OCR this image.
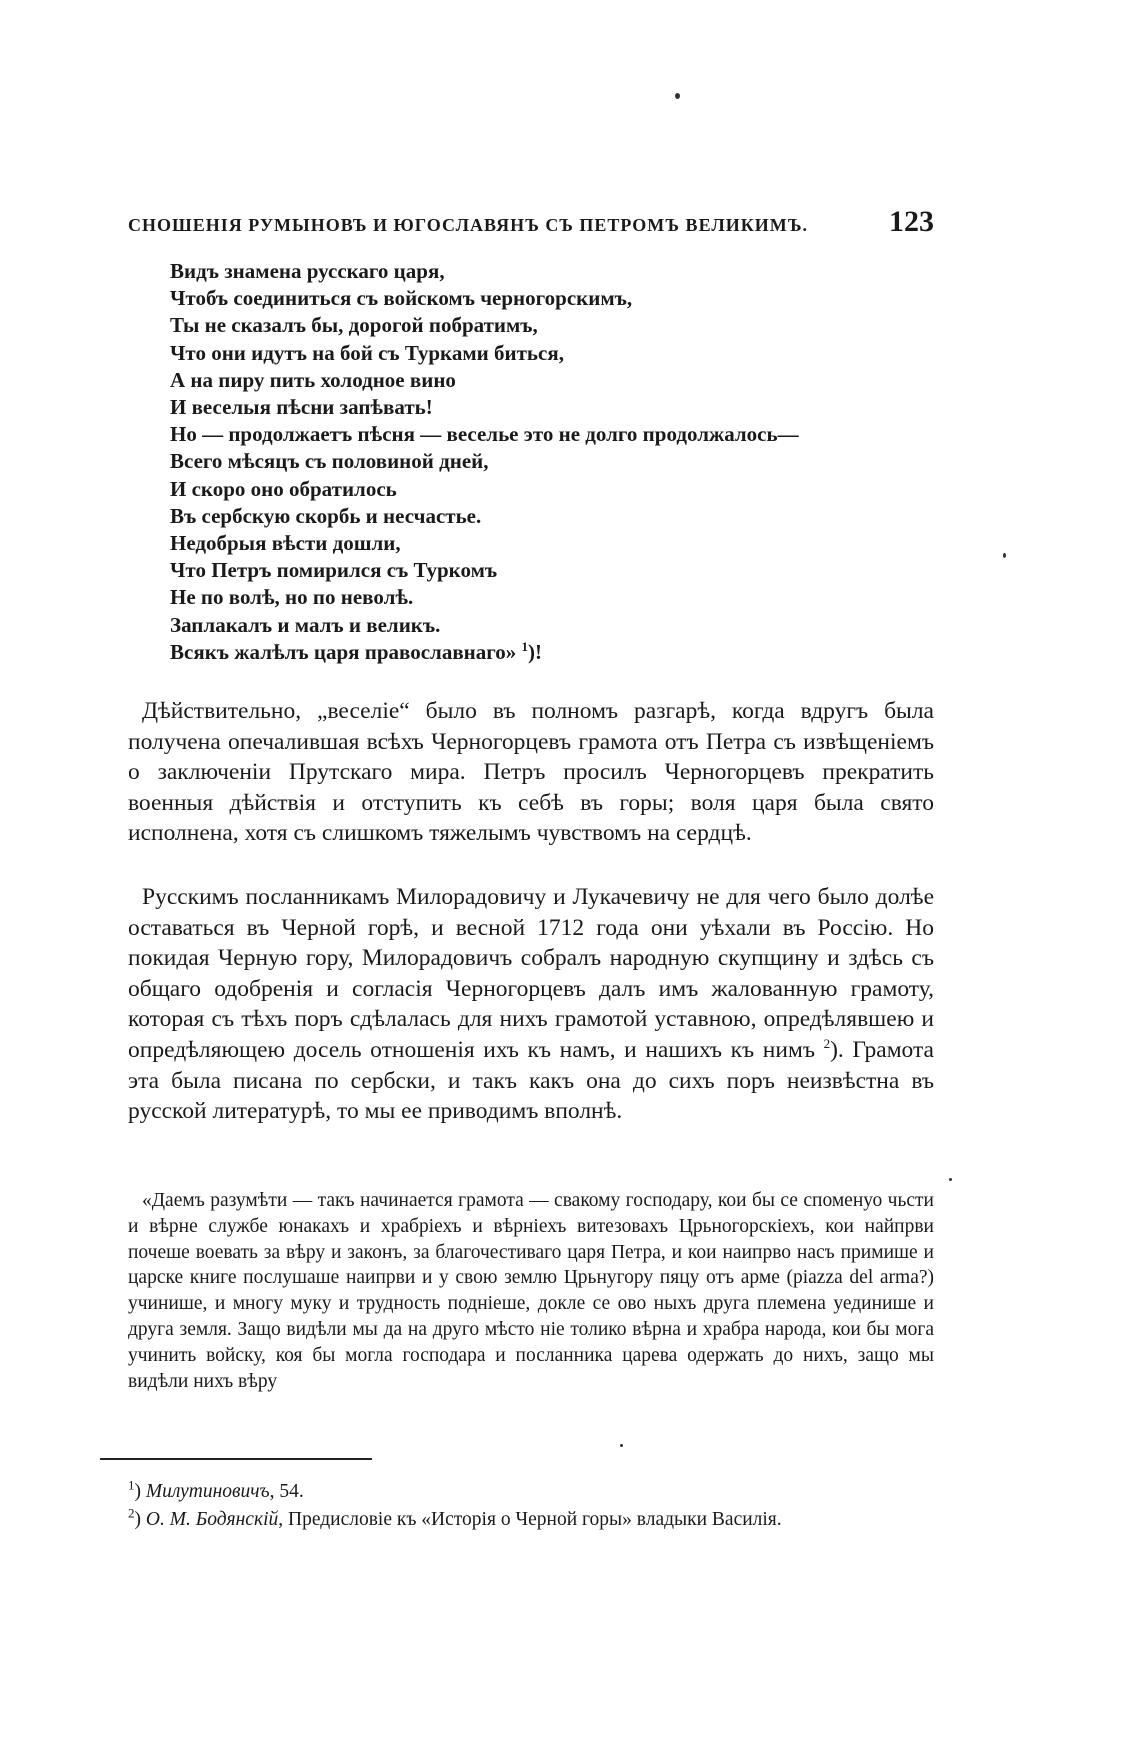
СНОШЕНІЯ РУМЫНОВЪ И ЮГОСЛАВЯНЪ СЪ ПЕТРОМЪ ВЕЛИКИМЪ.	123
Видъ знамена русскаго царя,
Чтобъ соединиться съ войскомъ черногорскимъ,
Ты не сказалъ бы, дорогой побратимъ,
Что они идутъ на бой съ Турками биться,
А на пиру пить холодное вино
И веселыя пѣсни запѣвать!
Но — продолжаетъ пѣсня — веселье это не долго продолжалось—
Всего мѣсяцъ съ половиной дней,
И скоро оно обратилось
Въ сербскую скорбь и несчастье.
Недобрыя вѣсти дошли,
Что Петръ помирился съ Туркомъ
Не по волѣ, но по неволѣ.
Заплакалъ и малъ и великъ.
Всякъ жалѣлъ царя православнаго» $^1$)!
Дѣйствительно, „веселіе“ было въ полномъ разгарѣ, когда вдругъ была получена опечалившая всѣхъ Черногорцевъ грамота отъ Петра съ извѣщеніемъ о заключеніи Прутскаго мира. Петръ просилъ Черногорцевъ прекратить военныя дѣйствія и отступить къ себѣ въ горы; воля царя была свято исполнена, хотя съ слишкомъ тяжелымъ чувствомъ на сердцѣ.
Русскимъ посланникамъ Милорадовичу и Лукачевичу не для чего было долѣе оставаться въ Черной горѣ, и весной 1712 года они уѣхали въ Россію. Но покидая Черную гору, Милорадовичъ собралъ народную скупщину и здѣсь съ общаго одобренія и согласія Черногорцевъ далъ имъ жалованную грамоту, которая съ тѣхъ поръ сдѣлалась для нихъ грамотой уставною, опредѣлявшею и опредѣляющею досель отношенія ихъ къ намъ, и нашихъ къ нимъ $^2$). Грамота эта была писана по сербски, и такъ какъ она до сихъ поръ неизвѣстна въ русской литературѣ, то мы ее приводимъ вполнѣ.
«Даемъ разумѣти — такъ начинается грамота — свакому господару, кои бы се споменуо чьсти и вѣрне службе юнакахъ и храбріехъ и вѣрніехъ витезовахъ Црьногорскіехъ, кои найпрви почеше воевать за вѣру и законъ, за благочестиваго царя Петра, и кои наипрво насъ примише и царске книге послушаше наипрви и у свою землю Црьнугору пяцу отъ арме (piazza del arma?) учинише, и многу муку и трудность подніеше, докле се ово ныхъ друга племена уединише и друга земля. Защо видѣли мы да на друго мѣсто ніе толико вѣрна и храбра народа, кои бы мога учинить войску, коя бы могла господара и посланника царева одержать до нихъ, защо мы видѣли нихъ вѣру
$^1$) Милутиновичъ, 54.
$^2$) О. М. Бодянскій, Предисловіе къ «Исторія о Черной горы» владыки Василія.
